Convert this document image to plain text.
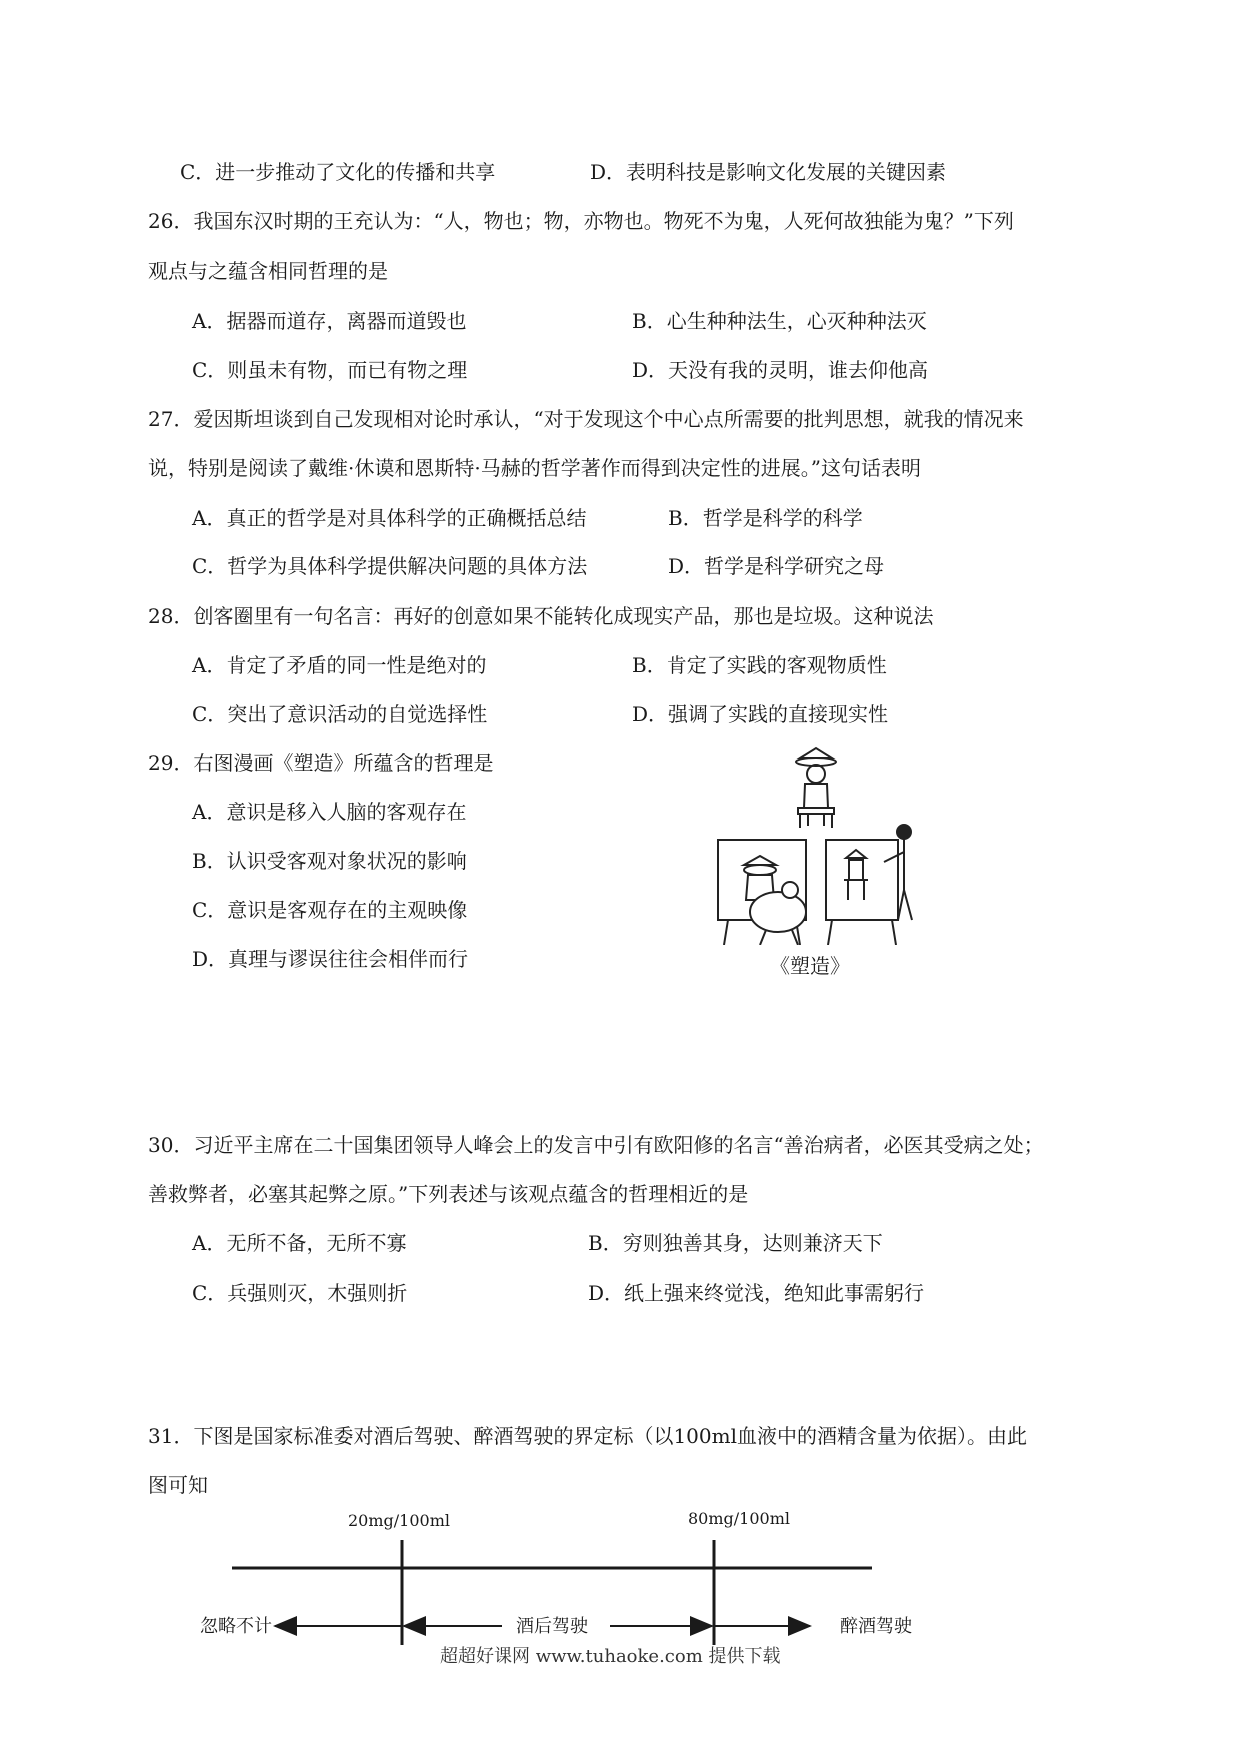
C．进一步推动了文化的传播和共享	D．表明科技是影响文化发展的关键因素
26．我国东汉时期的王充认为：“人，物也；物，亦物也。物死不为鬼，人死何故独能为鬼？”下列
观点与之蕴含相同哲理的是
A．据器而道存，离器而道毁也	B．心生种种法生，心灭种种法灭
C．则虽未有物，而已有物之理	D．天没有我的灵明，谁去仰他高
27．爱因斯坦谈到自己发现相对论时承认，“对于发现这个中心点所需要的批判思想，就我的情况来
说，特别是阅读了戴维·休谟和恩斯特·马赫的哲学著作而得到决定性的进展。”这句话表明
A．真正的哲学是对具体科学的正确概括总结	B．哲学是科学的科学
C．哲学为具体科学提供解决问题的具体方法	D．哲学是科学研究之母
28．创客圈里有一句名言：再好的创意如果不能转化成现实产品，那也是垃圾。这种说法
A．肯定了矛盾的同一性是绝对的	B．肯定了实践的客观物质性
C．突出了意识活动的自觉选择性	D．强调了实践的直接现实性
29．右图漫画《塑造》所蕴含的哲理是
A．意识是移入人脑的客观存在
B．认识受客观对象状况的影响
C．意识是客观存在的主观映像
D．真理与谬误往往会相伴而行	《塑造》
30．习近平主席在二十国集团领导人峰会上的发言中引有欧阳修的名言“善治病者，必医其受病之处；
善救弊者，必塞其起弊之原。”下列表述与该观点蕴含的哲理相近的是
A．无所不备，无所不寡	B．穷则独善其身，达则兼济天下
C．兵强则灭，木强则折	D．纸上强来终觉浅，绝知此事需躬行
31．下图是国家标准委对酒后驾驶、醉酒驾驶的界定标（以100ml血液中的酒精含量为依据）。由此
图可知
20mg/100ml	80mg/100ml
忽略不计	酒后驾驶	醉酒驾驶
超超好课网 www.tuhaoke.com 提供下载
